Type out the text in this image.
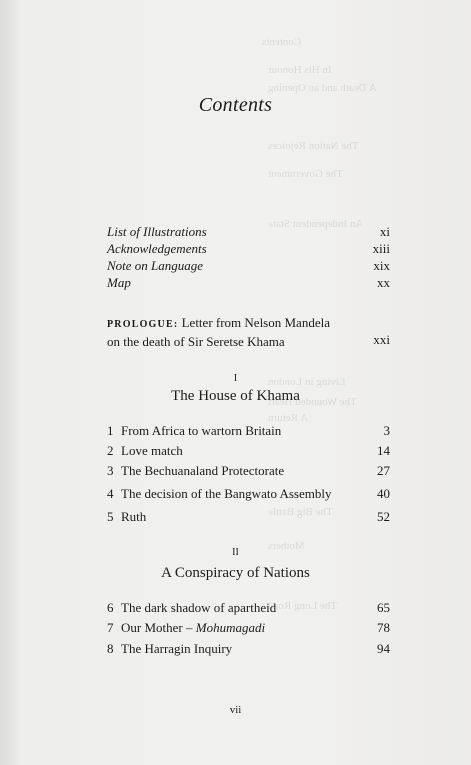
Contents
In His Honour
A Death and an Opening
The Nation Rejoices
The Government
An Independent State
Living in London
The Wounded Heart
A Return
The Big Battle
Mothers
The Long Road
Contents
List of Illustrations	xi
Acknowledgements	xiii
Note on Language	xix
Map	xx
PROLOGUE: Letter from Nelson Mandela
on the death of Sir Seretse Khama	xxi
I
The House of Khama
1 From Africa to wartorn Britain	3
2 Love match	14
3 The Bechuanaland Protectorate	27
4 The decision of the Bangwato Assembly	40
5 Ruth	52
II
A Conspiracy of Nations
6 The dark shadow of apartheid	65
7 Our Mother – Mohumagadi	78
8 The Harragin Inquiry	94
vii
